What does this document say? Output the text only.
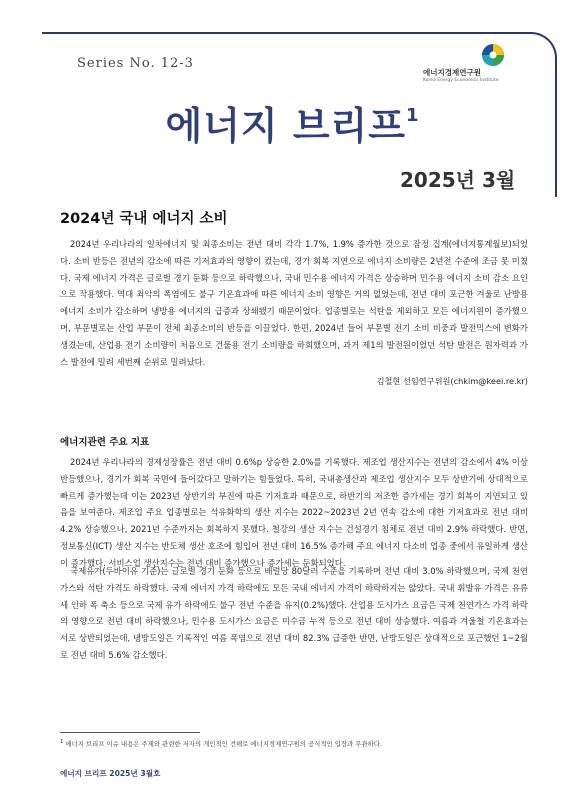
Series No. 12-3
에너지경제연구원
Korea Energy Economics Institute
에너지 브리프$^1$
2025년 3월
2024년 국내 에너지 소비
2024년 우리나라의 일차에너지 및 최종소비는 전년 대비 각각 1.7%, 1.9% 증가한 것으로 잠정 집계(에너지통계월보)되었다. 소비 반등은 전년의 감소에 따른 기저효과의 영향이 컸는데, 경기 회복 지연으로 에너지 소비량은 2년전 수준에 조금 못 미쳤다. 국제 에너지 가격은 글로벌 경기 둔화 등으로 하락했으나, 국내 민수용 에너지 가격은 상승하며 민수용 에너지 소비 감소 요인으로 작용했다. 역대 최악의 폭염에도 불구 기온효과에 따른 에너지 소비 영향은 거의 없었는데, 전년 대비 포근한 겨울로 난방용 에너지 소비가 감소하며 냉방용 에너지의 급증과 상쇄됐기 때문이었다. 업종별로는 석탄을 제외하고 모든 에너지원이 증가했으며, 부문별로는 산업 부문이 전체 최종소비의 반등을 이끌었다. 한편, 2024년 들어 부문별 전기 소비 비중과 발전믹스에 변화가 생겼는데, 산업용 전기 소비량이 처음으로 건물용 전기 소비량을 하회했으며, 과거 제1의 발전원이었던 석탄 발전은 원자력과 가스 발전에 밀려 세번째 순위로 밀려났다.
김철현 선임연구위원(chkim@keei.re.kr)
에너지관련 주요 지표
2024년 우리나라의 경제성장률은 전년 대비 0.6%p 상승한 2.0%를 기록했다. 제조업 생산지수는 전년의 감소에서 4% 이상 반등했으나, 경기가 회복 국면에 들어갔다고 말하기는 힘들었다. 특히, 국내총생산과 제조업 생산지수 모두 상반기에 상대적으로 빠르게 증가했는데 이는 2023년 상반기의 부진에 따른 기저효과 때문으로, 하반기의 저조한 증가세는 경기 회복이 지연되고 있음을 보여준다. 제조업 주요 업종별로는 석유화학의 생산 지수는 2022~2023년 2년 연속 감소에 대한 기저효과로 전년 대비 4.2% 상승했으나, 2021년 수준까지는 회복하지 못했다. 철강의 생산 지수는 건설경기 침체로 전년 대비 2.9% 하락했다. 반면, 정보통신(ICT) 생산 지수는 반도체 생산 호조에 힘입어 전년 대비 16.5% 증가해 주요 에너지 다소비 업종 중에서 유일하게 생산이 증가했다. 서비스업 생산지수는 전년 대비 증가했으나 증가세는 둔화되었다.
국제유가(두바이유 기준)는 글로벌 경기 둔화 등으로 배럴당 80달러 수준을 기록하며 전년 대비 3.0% 하락했으며, 국제 천연가스와 석탄 가격도 하락했다. 국제 에너지 가격 하락에도 모든 국내 에너지 가격이 하락하지는 않았다. 국내 휘발유 가격은 유류세 인하 폭 축소 등으로 국제 유가 하락에도 불구 전년 수준을 유지(0.2%)했다. 산업용 도시가스 요금은 국제 천연가스 가격 하락의 영향으로 전년 대비 하락했으나, 민수용 도시가스 요금은 미수금 누적 등으로 전년 대비 상승했다. 여름과 겨울철 기온효과는 서로 상반되었는데, 냉방도일은 기록적인 여름 폭염으로 전년 대비 82.3% 급증한 반면, 난방도일은 상대적으로 포근했던 1~2월로 전년 대비 5.6% 감소했다.
$^1$ 에너지 브리프 이슈 내용은 주제와 관련한 저자의 개인적인 견해로 에너지경제연구원의 공식적인 입장과 무관하다.
에너지 브리프 2025년 3월호
